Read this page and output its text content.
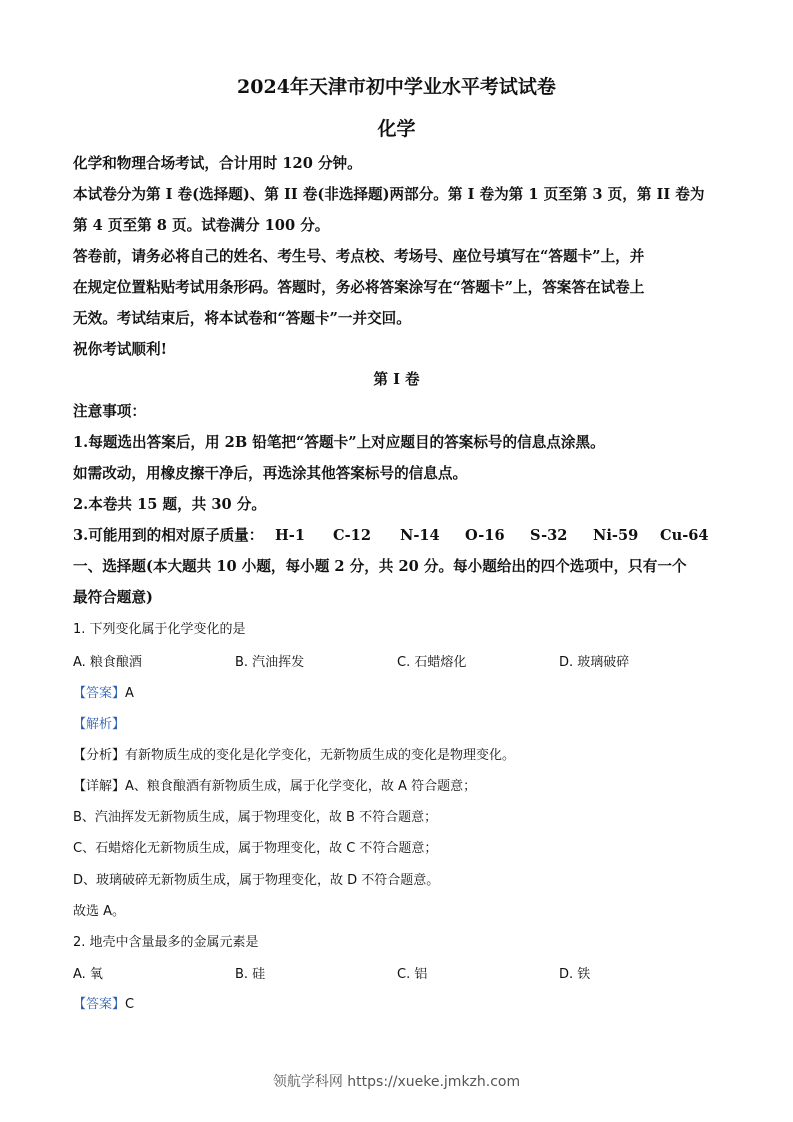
2024年天津市初中学业水平考试试卷
化学

化学和物理合场考试，合计用时 120 分钟。

本试卷分为第 I 卷(选择题)、第 II 卷(非选择题)两部分。第 I 卷为第 1 页至第 3 页，第 II 卷为

第 4 页至第 8 页。试卷满分 100 分。

答卷前，请务必将自己的姓名、考生号、考点校、考场号、座位号填写在“答题卡”上，并

在规定位置粘贴考试用条形码。答题时，务必将答案涂写在“答题卡”上，答案答在试卷上

无效。考试结束后，将本试卷和“答题卡”一并交回。

祝你考试顺利!

第 I 卷

注意事项：

1.每题选出答案后，用 2B 铅笔把“答题卡”上对应题目的答案标号的信息点涂黑。

如需改动，用橡皮擦干净后，再选涂其他答案标号的信息点。

2.本卷共 15 题，共 30 分。

3.可能用到的相对原子质量： H-1	C-12	N-14	O-16	S-32	Ni-59	Cu-64

一、选择题(本大题共 10 小题，每小题 2 分，共 20 分。每小题给出的四个选项中，只有一个

最符合题意)

1. 下列变化属于化学变化的是
A. 粮食酿酒	B. 汽油挥发	C. 石蜡熔化	D. 玻璃破碎
【答案】A
【解析】
【分析】有新物质生成的变化是化学变化，无新物质生成的变化是物理变化。
【详解】A、粮食酿酒有新物质生成，属于化学变化，故 A 符合题意；
B、汽油挥发无新物质生成，属于物理变化，故 B 不符合题意；
C、石蜡熔化无新物质生成，属于物理变化，故 C 不符合题意；
D、玻璃破碎无新物质生成，属于物理变化，故 D 不符合题意。
故选 A。
2. 地壳中含量最多的金属元素是
A. 氧	B. 硅	C. 铝	D. 铁
【答案】C
领航学科网 https://xueke.jmkzh.com
